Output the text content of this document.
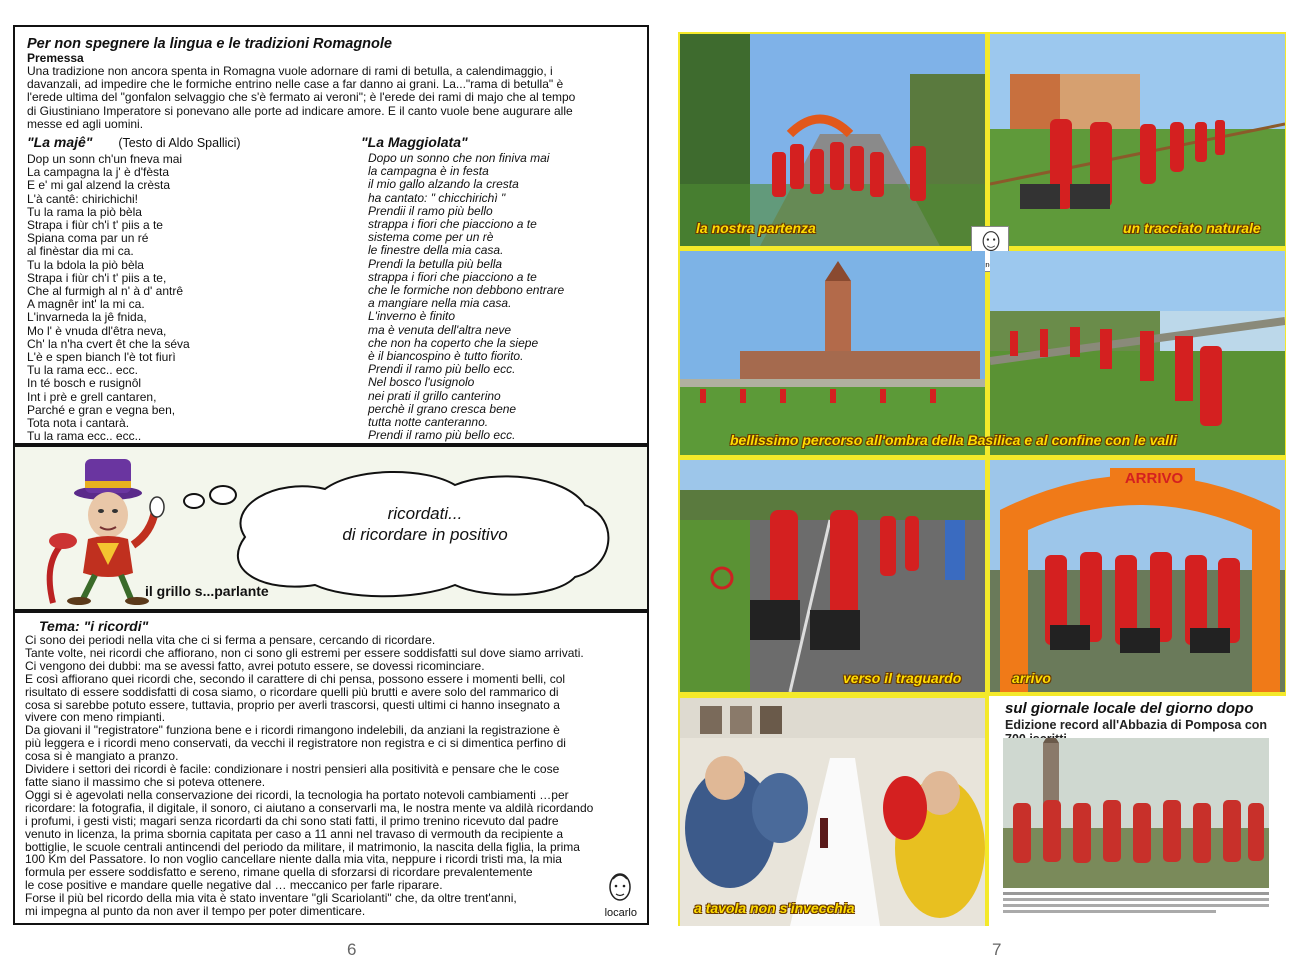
Per non spegnere la lingua e le tradizioni Romagnole
Premessa
Una tradizione non ancora spenta in Romagna vuole adornare di rami di betulla, a calendimaggio, i
davanzali, ad impedire che le formiche entrino nelle case a far danno ai grani. La..."rama di betulla" è
l'erede ultima del "gonfalon selvaggio che s'è fermato ai veroni"; è l'erede dei rami di majo che al tempo
di Giustiniano Imperatore si ponevano alle porte ad indicare amore. E il canto vuole bene augurare alle
messe ed agli uomini.
"La majê" (Testo di Aldo Spallici)
Dop un sonn ch'un fneva mai
La campagna la j' è d'fèsta
E e' mi gal alzend la crèsta
L'à cantê: chirichichi!
Tu la rama la piò bèla
Strapa i fiùr ch'i t' piis a te
Spiana coma par un ré
al finèstar dia mi ca.
Tu la bdola la piò bèla
Strapa i fiùr ch'i t' piis a te,
Che al furmigh al n' à d' antrê
A magnêr int' la mi ca.
L'invarneda la jê fnida,
Mo l' è vnuda dl'êtra neva,
Ch' la n'ha cvert êt che la séva
L'è e spen bianch l'è tot fiurì
Tu la rama ecc.. ecc.
In té bosch e rusignôl
Int i prè e grell cantaren,
Parché e gran e vegna ben,
Tota nota i cantarà.
Tu la rama ecc.. ecc..
"La Maggiolata"
Dopo un sonno che non finiva mai
la campagna è in festa
il mio gallo alzando la cresta
ha cantato: " chicchirichì "
Prendii il ramo più bello
strappa i fiori che piacciono a te
sistema come per un rè
le finestre della mia casa.
Prendi la betulla più bella
strappa i fiori che piacciono a te
che le formiche non debbono entrare
a mangiare nella mia casa.
L'inverno è finito
ma è venuta dell'altra neve
che non ha coperto che la siepe
è il biancospino è tutto fiorito.
Prendi il ramo più bello ecc.
Nel bosco l'usignolo
nei prati il grillo canterino
perchè il grano cresca bene
tutta notte canteranno.
Prendi il ramo più bello ecc.
ricordati...
di ricordare in positivo
il grillo s...parlante
Tema: "i ricordi"
Ci sono dei periodi nella vita che ci si ferma a pensare, cercando di ricordare.
Tante volte, nei ricordi che affiorano, non ci sono gli estremi per essere soddisfatti sul dove siamo arrivati.
Ci vengono dei dubbi: ma se avessi fatto, avrei potuto essere, se dovessi ricominciare.
E così affiorano quei ricordi che, secondo il carattere di chi pensa, possono essere i momenti belli, col
risultato di essere soddisfatti di cosa siamo, o ricordare quelli più brutti e avere solo del rammarico di
cosa si sarebbe potuto essere, tuttavia, proprio per averli trascorsi, questi ultimi ci hanno insegnato a
vivere con meno rimpianti.
Da giovani il "registratore" funziona bene e i ricordi rimangono indelebili, da anziani la registrazione è
più leggera e i ricordi meno conservati, da vecchi il registratore non registra e ci si dimentica perfino di
cosa si è mangiato a pranzo.
Dividere i settori dei ricordi è facile: condizionare i nostri pensieri alla positività e pensare che le cose
fatte siano il massimo che si poteva ottenere.
Oggi si è agevolati nella conservazione dei ricordi, la tecnologia ha portato notevoli cambiamenti …per
ricordare: la fotografia, il digitale, il sonoro, ci aiutano a conservarli ma, le nostra mente va aldilà ricordando
i profumi, i gesti visti; magari senza ricordarti da chi sono stati fatti, il primo trenino ricevuto dal padre
venuto in licenza, la prima sbornia capitata per caso a 11 anni nel travaso di vermouth da recipiente a
bottiglie, le scuole centrali antincendi del periodo da militare, il matrimonio, la nascita della figlia, la prima
100 Km del Passatore. Io non voglio cancellare niente dalla mia vita, neppure i ricordi tristi ma, la mia
formula per essere soddisfatto e sereno, rimane quella di sforzarsi di ricordare prevalentemente
le cose positive e mandare quelle negative dal … meccanico per farle riparare.
Forse il più bel ricordo della mia vita è stato inventare "gli Scariolanti" che, da oltre trent'anni,
mi impegna al punto da non aver il tempo per poter dimenticare.	locarlo
6	7
la nostra partenza	un tracciato naturale
bellissimo percorso all'ombra della Basilica e al confine con le valli
verso il traguardo
ARRIVO
arrivo
a tavola non s'invecchia
sul giornale locale del giorno dopo
Edizione record all'Abbazia di Pomposa con
